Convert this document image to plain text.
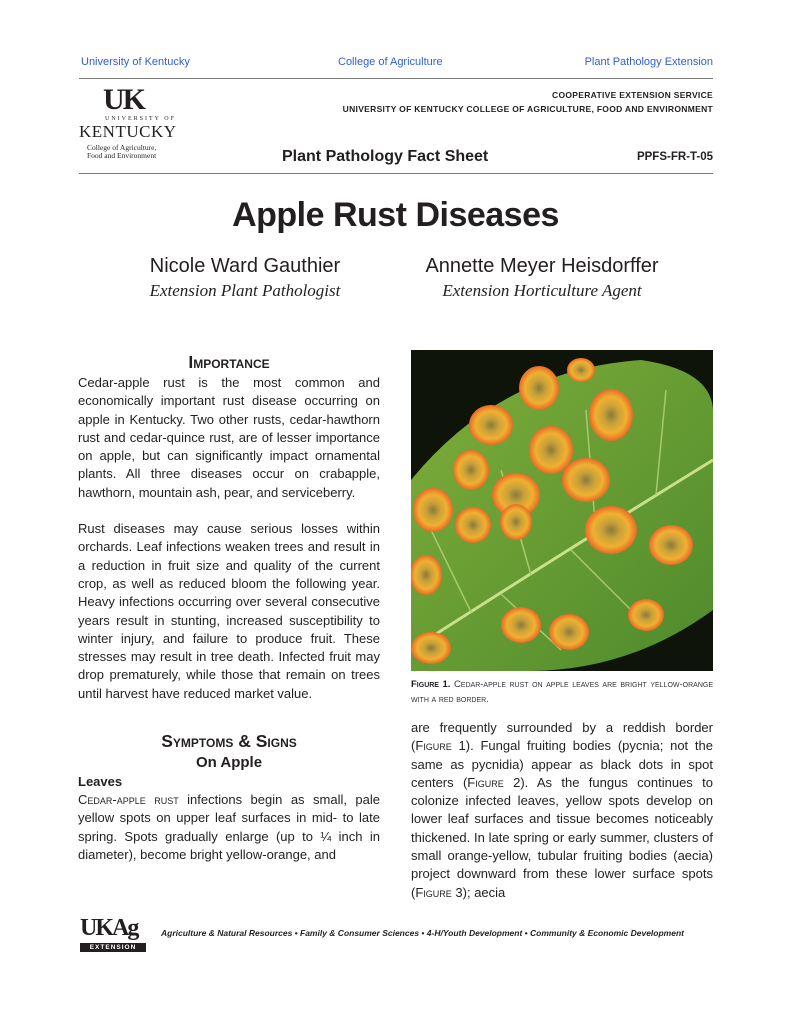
University of Kentucky	College of Agriculture	Plant Pathology Extension
UK
UNIVERSITY OF
KENTUCKY
College of Agriculture,
Food and Environment
COOPERATIVE EXTENSION SERVICE
UNIVERSITY OF KENTUCKY COLLEGE OF AGRICULTURE, FOOD AND ENVIRONMENT
Plant Pathology Fact Sheet	PPFS-FR-T-05
Apple Rust Diseases
Nicole Ward Gauthier
Extension Plant Pathologist
Annette Meyer Heisdorffer
Extension Horticulture Agent
Importance

Cedar-apple rust is the most common and economically important rust disease occurring on apple in Kentucky. Two other rusts, cedar-hawthorn rust and cedar-quince rust, are of lesser importance on apple, but can significantly impact ornamental plants. All three diseases occur on crabapple, hawthorn, mountain ash, pear, and serviceberry.

Rust diseases may cause serious losses within orchards. Leaf infections weaken trees and result in a reduction in fruit size and quality of the current crop, as well as reduced bloom the following year. Heavy infections occurring over several consecutive years result in stunting, increased susceptibility to winter injury, and failure to produce fruit. These stresses may result in tree death. Infected fruit may drop prematurely, while those that remain on trees until harvest have reduced market value.

Symptoms & Signs
On Apple
Leaves

Cedar-apple rust infections begin as small, pale yellow spots on upper leaf surfaces in mid- to late spring. Spots gradually enlarge (up to ¼ inch in diameter), become bright yellow-orange, and

Figure 1. Cedar-apple rust on apple leaves are bright yellow-orange with a red border.

are frequently surrounded by a reddish border (Figure 1). Fungal fruiting bodies (pycnia; not the same as pycnidia) appear as black dots in spot centers (Figure 2). As the fungus continues to colonize infected leaves, yellow spots develop on lower leaf surfaces and tissue becomes noticeably thickened. In late spring or early summer, clusters of small orange-yellow, tubular fruiting bodies (aecia) project downward from these lower surface spots (Figure 3); aecia

UKAg
EXTENSION
Agriculture & Natural Resources • Family & Consumer Sciences • 4-H/Youth Development • Community & Economic Development
